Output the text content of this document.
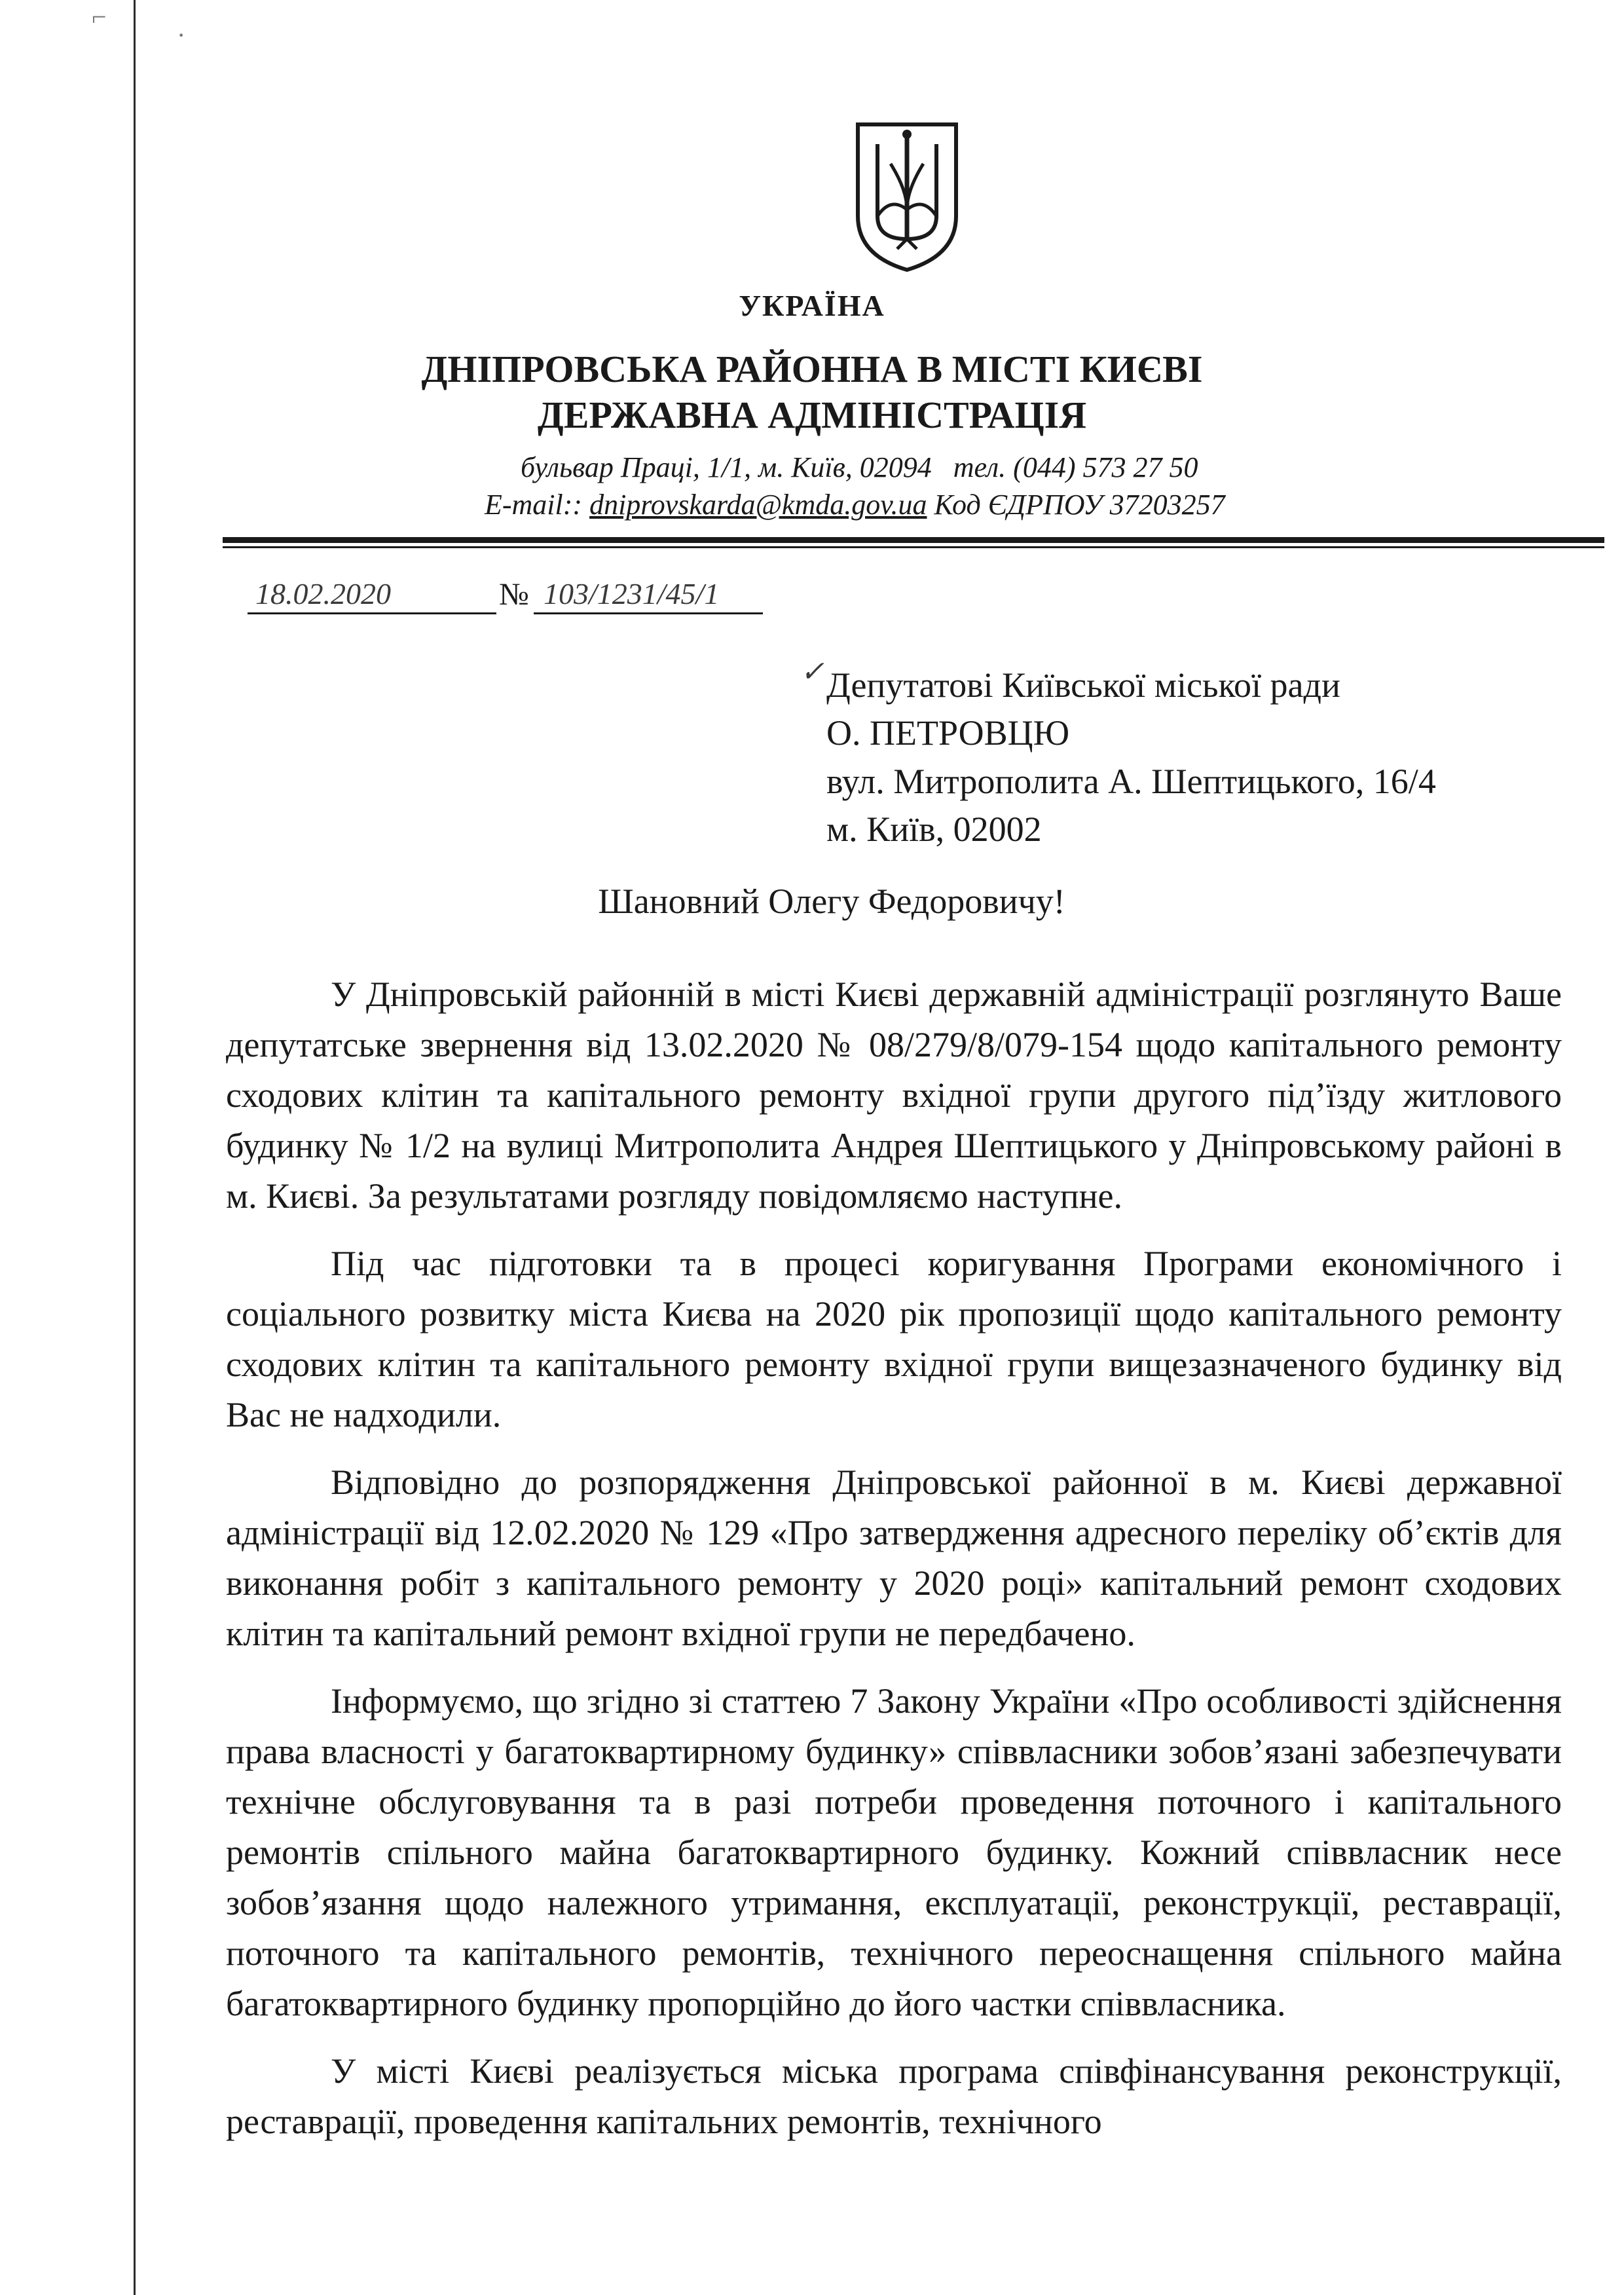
⌐
·
УКРАЇНА
ДНІПРОВСЬКА РАЙОННА В МІСТІ КИЄВІ
ДЕРЖАВНА АДМІНІСТРАЦІЯ
бульвар Праці, 1/1, м. Київ, 02094 тел. (044) 573 27 50
E-mail:: dniprovskarda@kmda.gov.ua Код ЄДРПОУ 37203257
18.02.2020	№ 103/1231/45/1
✓ Депутатові Київської міської ради
О. ПЕТРОВЦЮ
вул. Митрополита А. Шептицького, 16/4
м. Київ, 02002
Шановний Олегу Федоровичу!

У Дніпровській районній в місті Києві державній адміністрації розглянуто Ваше депутатське звернення від 13.02.2020 № 08/279/8/079-154 щодо капітального ремонту сходових клітин та капітального ремонту вхідної групи другого під’їзду житлового будинку № 1/2 на вулиці Митрополита Андрея Шептицького у Дніпровському районі в м. Києві. За результатами розгляду повідомляємо наступне.

Під час підготовки та в процесі коригування Програми економічного і соціального розвитку міста Києва на 2020 рік пропозиції щодо капітального ремонту сходових клітин та капітального ремонту вхідної групи вищезазначеного будинку від Вас не надходили.

Відповідно до розпорядження Дніпровської районної в м. Києві державної адміністрації від 12.02.2020 № 129 «Про затвердження адресного переліку об’єктів для виконання робіт з капітального ремонту у 2020 році» капітальний ремонт сходових клітин та капітальний ремонт вхідної групи не передбачено.

Інформуємо, що згідно зі статтею 7 Закону України «Про особливості здійснення права власності у багатоквартирному будинку» співвласники зобов’язані забезпечувати технічне обслуговування та в разі потреби проведення поточного і капітального ремонтів спільного майна багатоквартирного будинку. Кожний співвласник несе зобов’язання щодо належного утримання, експлуатації, реконструкції, реставрації, поточного та капітального ремонтів, технічного переоснащення спільного майна багатоквартирного будинку пропорційно до його частки співвласника.

У місті Києві реалізується міська програма співфінансування реконструкції, реставрації, проведення капітальних ремонтів, технічного
